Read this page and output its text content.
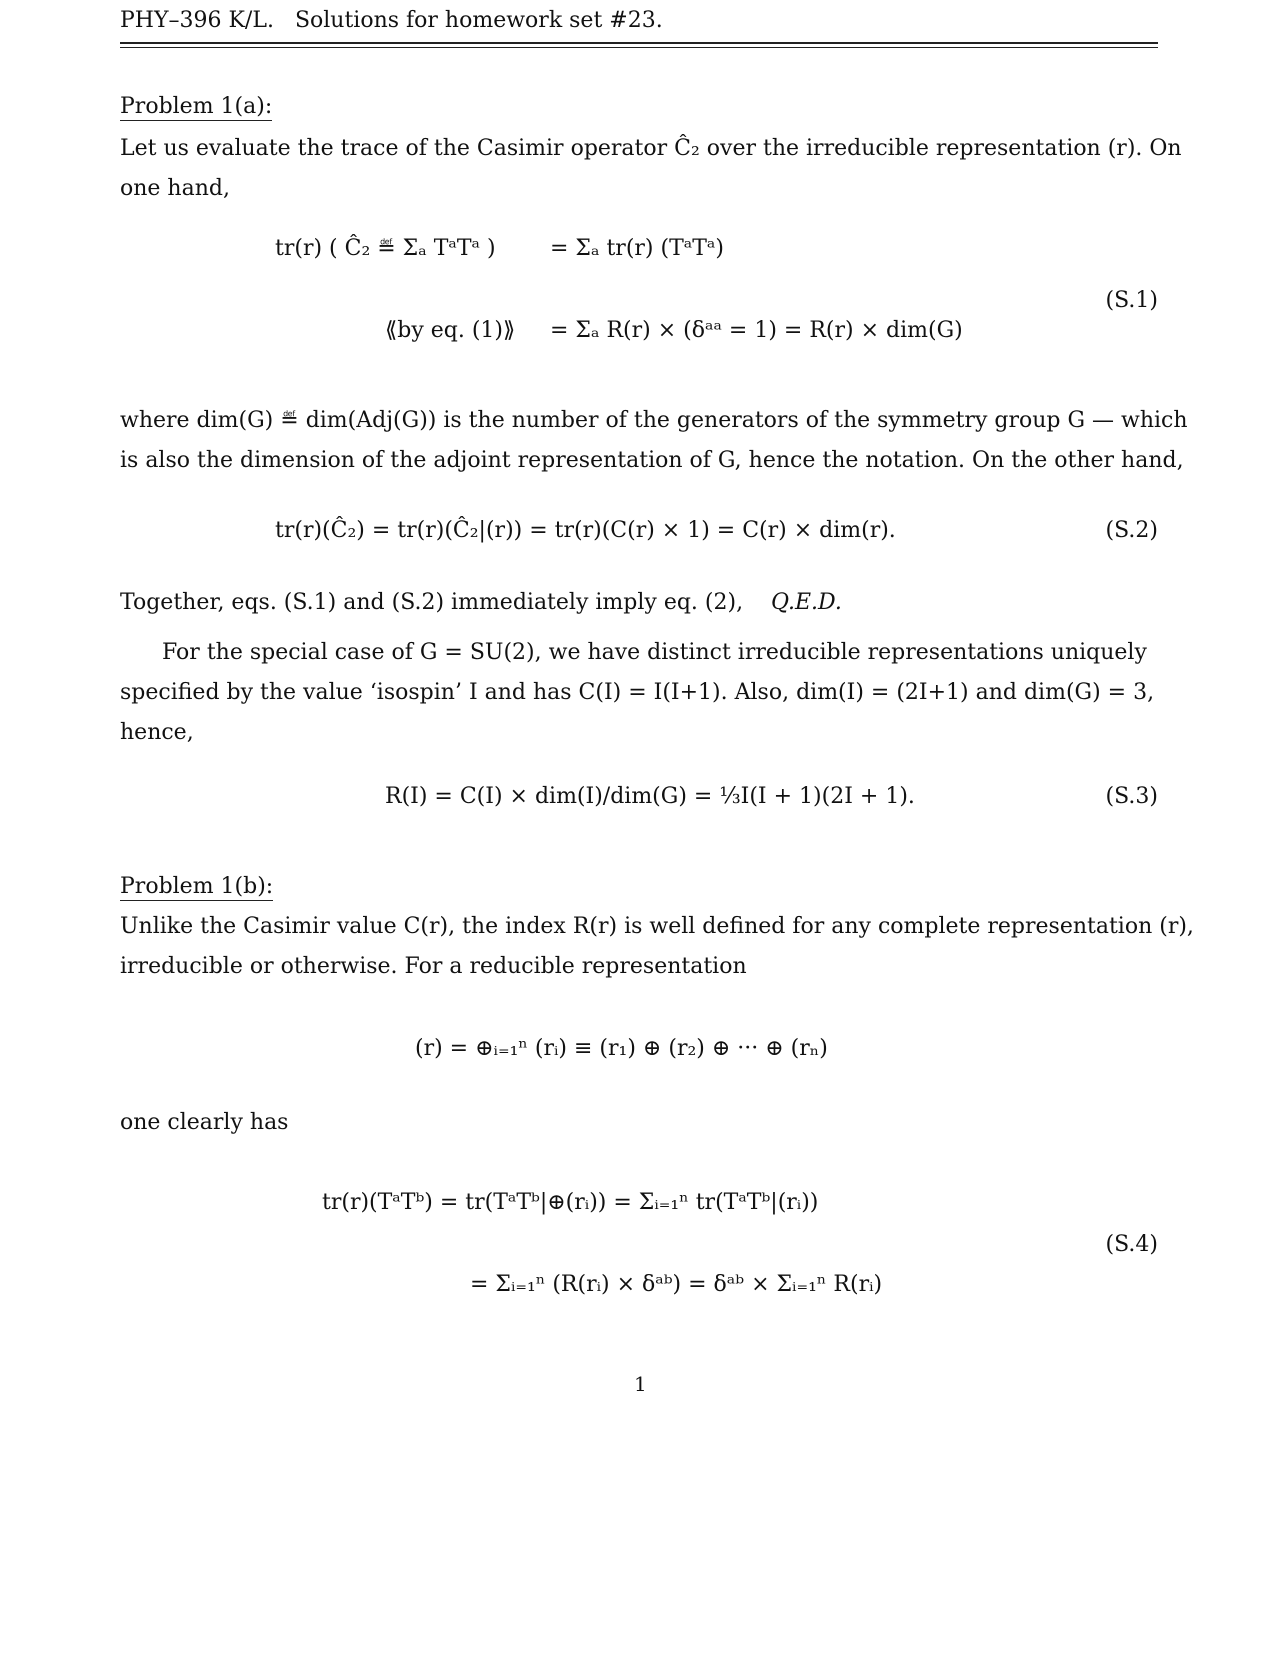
PHY–396 K/L. Solutions for homework set #23.
Problem 1(a):
Let us evaluate the trace of the Casimir operator Ĉ₂ over the irreducible representation (r). On
one hand,
tr(r) ( Ĉ₂ ≝ Σₐ TᵃTᵃ ) = Σₐ tr(r) (TᵃTᵃ)
⟪by eq. (1)⟫ = Σₐ R(r) × (δᵃᵃ = 1) = R(r) × dim(G)
(S.1)
where dim(G) ≝ dim(Adj(G)) is the number of the generators of the symmetry group G — which
is also the dimension of the adjoint representation of G, hence the notation. On the other hand,
tr(r)(Ĉ₂) = tr(r)(Ĉ₂|(r)) = tr(r)(C(r) × 1) = C(r) × dim(r).	(S.2)
Together, eqs. (S.1) and (S.2) immediately imply eq. (2), Q.E.D.
For the special case of G = SU(2), we have distinct irreducible representations uniquely
specified by the value ‘isospin’ I and has C(I) = I(I+1). Also, dim(I) = (2I+1) and dim(G) = 3,
hence,
R(I) = C(I) × dim(I)/dim(G) = ⅓I(I + 1)(2I + 1).	(S.3)
Problem 1(b):
Unlike the Casimir value C(r), the index R(r) is well defined for any complete representation (r),
irreducible or otherwise. For a reducible representation
(r) = ⊕ᵢ₌₁ⁿ (rᵢ) ≡ (r₁) ⊕ (r₂) ⊕ ··· ⊕ (rₙ)
one clearly has
tr(r)(TᵃTᵇ) = tr(TᵃTᵇ|⊕(rᵢ)) = Σᵢ₌₁ⁿ tr(TᵃTᵇ|(rᵢ))
= Σᵢ₌₁ⁿ (R(rᵢ) × δᵃᵇ) = δᵃᵇ × Σᵢ₌₁ⁿ R(rᵢ)
(S.4)
1
